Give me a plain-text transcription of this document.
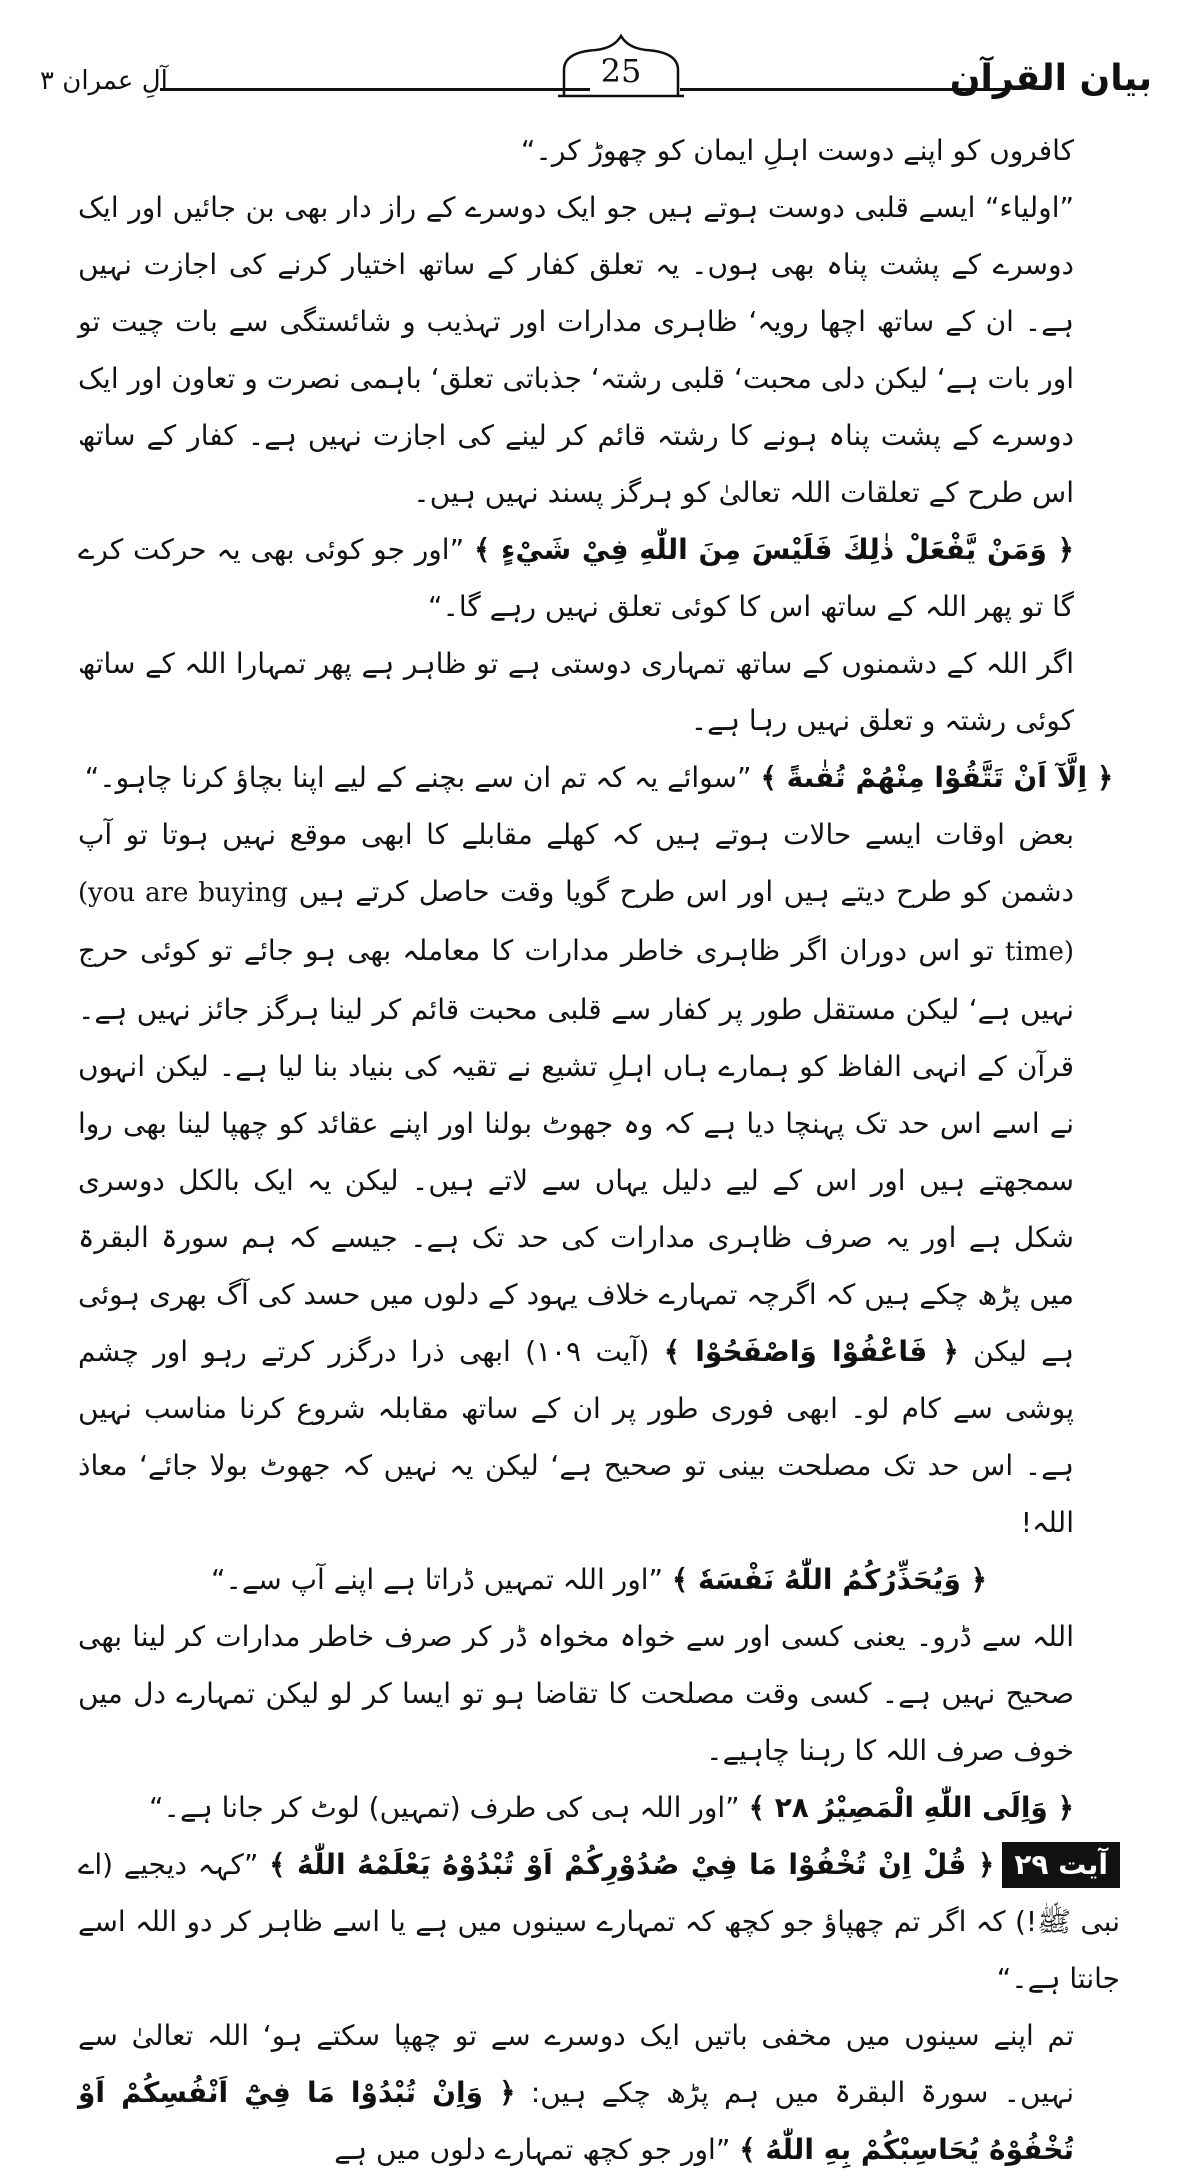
بیان القرآن
آلِ عمران ۳	25

کافروں کو اپنے دوست اہلِ ایمان کو چھوڑ کر۔“

”اولیاء“ ایسے قلبی دوست ہوتے ہیں جو ایک دوسرے کے راز دار بھی بن جائیں اور ایک دوسرے کے پشت پناہ بھی ہوں۔ یہ تعلق کفار کے ساتھ اختیار کرنے کی اجازت نہیں ہے۔ ان کے ساتھ اچھا رویہ‘ ظاہری مدارات اور تہذیب و شائستگی سے بات چیت تو اور بات ہے‘ لیکن دلی محبت‘ قلبی رشتہ‘ جذباتی تعلق‘ باہمی نصرت و تعاون اور ایک دوسرے کے پشت پناہ ہونے کا رشتہ قائم کر لینے کی اجازت نہیں ہے۔ کفار کے ساتھ اس طرح کے تعلقات اللہ تعالیٰ کو ہرگز پسند نہیں ہیں۔

﴿ وَمَنْ يَّفْعَلْ ذٰلِكَ فَلَيْسَ مِنَ اللّٰهِ فِيْ شَيْءٍ ﴾ ”اور جو کوئی بھی یہ حرکت کرے گا تو پھر اللہ کے ساتھ اس کا کوئی تعلق نہیں رہے گا۔“

اگر اللہ کے دشمنوں کے ساتھ تمہاری دوستی ہے تو ظاہر ہے پھر تمہارا اللہ کے ساتھ کوئی رشتہ و تعلق نہیں رہا ہے۔

﴿ اِلَّآ اَنْ تَتَّقُوْا مِنْهُمْ تُقٰىةً ﴾ ”سوائے یہ کہ تم ان سے بچنے کے لیے اپنا بچاؤ کرنا چاہو۔“

بعض اوقات ایسے حالات ہوتے ہیں کہ کھلے مقابلے کا ابھی موقع نہیں ہوتا تو آپ دشمن کو طرح دیتے ہیں اور اس طرح گویا وقت حاصل کرتے ہیں (you are buying time) تو اس دوران اگر ظاہری خاطر مدارات کا معاملہ بھی ہو جائے تو کوئی حرج نہیں ہے‘ لیکن مستقل طور پر کفار سے قلبی محبت قائم کر لینا ہرگز جائز نہیں ہے۔ قرآن کے انہی الفاظ کو ہمارے ہاں اہلِ تشیع نے تقیہ کی بنیاد بنا لیا ہے۔ لیکن انہوں نے اسے اس حد تک پہنچا دیا ہے کہ وہ جھوٹ بولنا اور اپنے عقائد کو چھپا لینا بھی روا سمجھتے ہیں اور اس کے لیے دلیل یہاں سے لاتے ہیں۔ لیکن یہ ایک بالکل دوسری شکل ہے اور یہ صرف ظاہری مدارات کی حد تک ہے۔ جیسے کہ ہم سورۃ البقرۃ میں پڑھ چکے ہیں کہ اگرچہ تمہارے خلاف یہود کے دلوں میں حسد کی آگ بھری ہوئی ہے لیکن ﴿ فَاعْفُوْا وَاصْفَحُوْا ﴾ (آیت ۱۰۹) ابھی ذرا درگزر کرتے رہو اور چشم پوشی سے کام لو۔ ابھی فوری طور پر ان کے ساتھ مقابلہ شروع کرنا مناسب نہیں ہے۔ اس حد تک مصلحت بینی تو صحیح ہے‘ لیکن یہ نہیں کہ جھوٹ بولا جائے‘ معاذ اللہ!

﴿ وَيُحَذِّرُكُمُ اللّٰهُ نَفْسَهٗ ﴾ ”اور اللہ تمہیں ڈراتا ہے اپنے آپ سے۔“

اللہ سے ڈرو۔ یعنی کسی اور سے خواہ مخواہ ڈر کر صرف خاطر مدارات کر لینا بھی صحیح نہیں ہے۔ کسی وقت مصلحت کا تقاضا ہو تو ایسا کر لو لیکن تمہارے دل میں خوف صرف اللہ کا رہنا چاہیے۔

﴿ وَاِلَى اللّٰهِ الْمَصِيْرُ ۲۸ ﴾ ”اور اللہ ہی کی طرف (تمہیں) لوٹ کر جانا ہے۔“

آیت ۲۹﴿ قُلْ اِنْ تُخْفُوْا مَا فِيْ صُدُوْرِكُمْ اَوْ تُبْدُوْهُ يَعْلَمْهُ اللّٰهُ ﴾ ”کہہ دیجیے (اے نبی ﷺ!) کہ اگر تم چھپاؤ جو کچھ کہ تمہارے سینوں میں ہے یا اسے ظاہر کر دو اللہ اسے جانتا ہے۔“

تم اپنے سینوں میں مخفی باتیں ایک دوسرے سے تو چھپا سکتے ہو‘ اللہ تعالیٰ سے نہیں۔ سورۃ البقرۃ میں ہم پڑھ چکے ہیں: ﴿ وَاِنْ تُبْدُوْا مَا فِيْٓ اَنْفُسِكُمْ اَوْ تُخْفُوْهُ يُحَاسِبْكُمْ بِهِ اللّٰهُ ﴾ ”اور جو کچھ تمہارے دلوں میں ہے
